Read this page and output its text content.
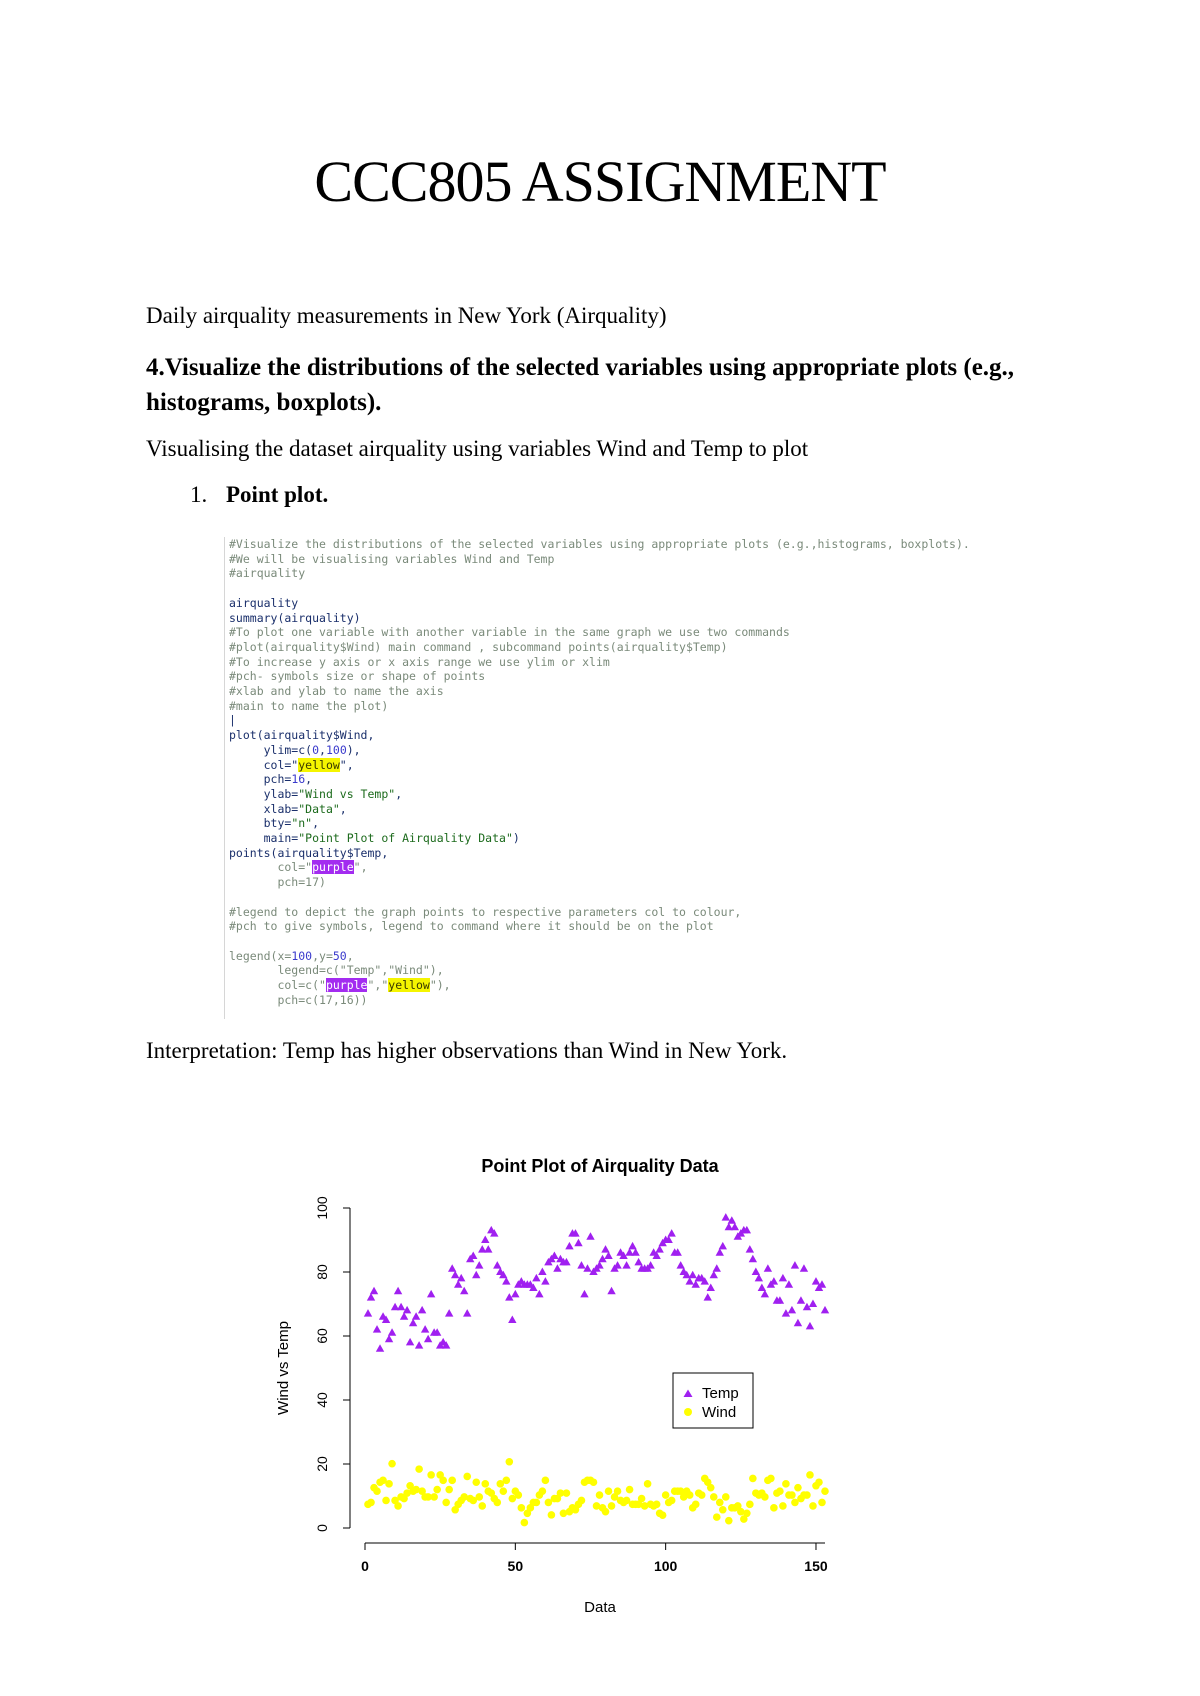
CCC805 ASSIGNMENT
Daily airquality measurements in New York (Airquality)
4.Visualize the distributions of the selected variables using appropriate plots (e.g., histograms, boxplots).
Visualising the dataset airquality using variables Wind and Temp to plot
1. Point plot.
#Visualize the distributions of the selected variables using appropriate plots (e.g.,histograms, boxplots).
#We will be visualising variables Wind and Temp
#airquality
airquality
summary(airquality)
#To plot one variable with another variable in the same graph we use two commands
#plot(airquality$Wind) main command , subcommand points(airquality$Temp)
#To increase y axis or x axis range we use ylim or xlim
#pch- symbols size or shape of points
#xlab and ylab to name the axis
#main to name the plot)
|
plot(airquality$Wind,
ylim=c(0,100),
col="yellow",
pch=16,
ylab="Wind vs Temp",
xlab="Data",
bty="n",
main="Point Plot of Airquality Data")
points(airquality$Temp,
col="purple",
pch=17)
#legend to depict the graph points to respective parameters col to colour,
#pch to give symbols, legend to command where it should be on the plot
legend(x=100,y=50,
legend=c("Temp","Wind"),
col=c("purple","yellow"),
pch=c(17,16))
Interpretation: Temp has higher observations than Wind in New York.
Point Plot of Airquality Data
0
20
40
60
80
100
0	50	100	150
Wind vs Temp
Data
Temp
Wind
